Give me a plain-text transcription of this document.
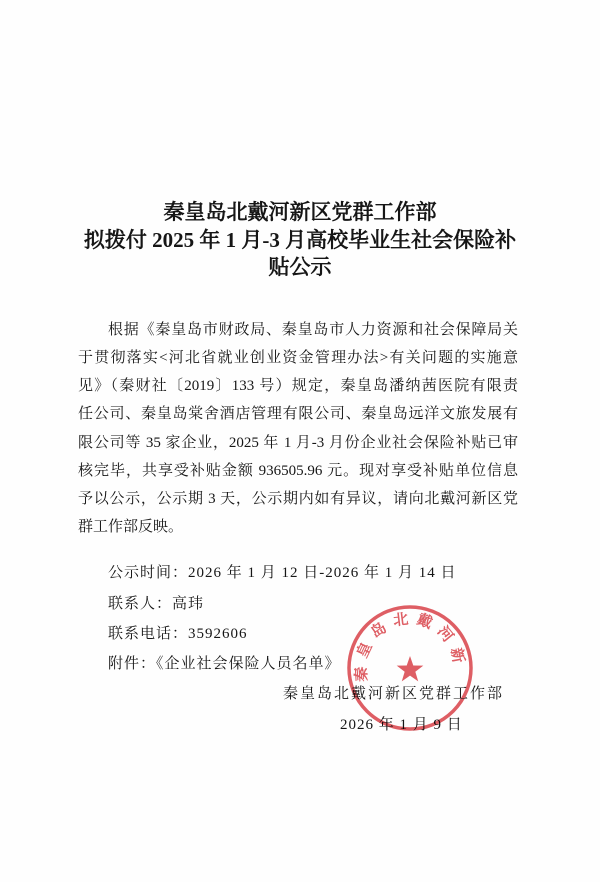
秦皇岛北戴河新区党群工作部
拟拨付 2025 年 1 月-3 月高校毕业生社会保险补
贴公示
根据《秦皇岛市财政局、秦皇岛市人力资源和社会保障局关
于贯彻落实<河北省就业创业资金管理办法>有关问题的实施意
见》（秦财社〔2019〕133 号）规定，秦皇岛潘纳茜医院有限责
任公司、秦皇岛棠舍酒店管理有限公司、秦皇岛远洋文旅发展有
限公司等 35 家企业，2025 年 1 月-3 月份企业社会保险补贴已审
核完毕，共享受补贴金额 936505.96 元。现对享受补贴单位信息
予以公示，公示期 3 天，公示期内如有异议，请向北戴河新区党
群工作部反映。
公示时间：2026 年 1 月 12 日-2026 年 1 月 14 日
联系人：高玮
联系电话：3592606
附件：《企业社会保险人员名单》
秦皇岛北戴河新区党群工作部
2026 年 1 月 9 日
秦皇岛北戴河新
